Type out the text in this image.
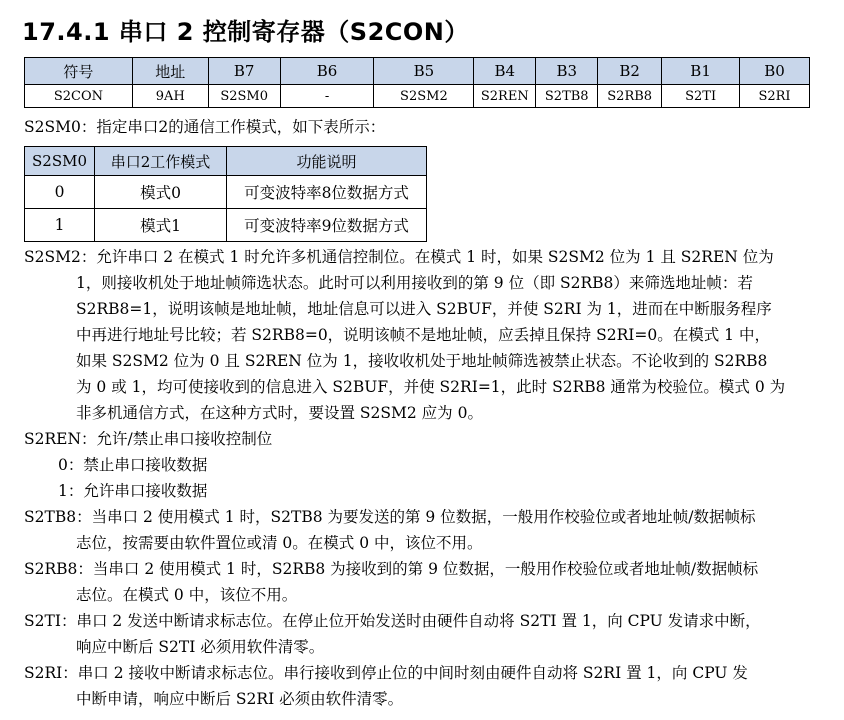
17.4.1 串口 2 控制寄存器（S2CON）
符号	地址	B7	B6	B5	B4	B3	B2	B1	B0
S2CON	9AH	S2SM0	-	S2SM2	S2REN	S2TB8	S2RB8	S2TI	S2RI
S2SM0：指定串口2的通信工作模式，如下表所示：
S2SM0	串口2工作模式	功能说明
0	模式0	可变波特率8位数据方式
1	模式1	可变波特率9位数据方式
S2SM2：允许串口 2 在模式 1 时允许多机通信控制位。在模式 1 时，如果 S2SM2 位为 1 且 S2REN 位为
1，则接收机处于地址帧筛选状态。此时可以利用接收到的第 9 位（即 S2RB8）来筛选地址帧：若
S2RB8=1，说明该帧是地址帧，地址信息可以进入 S2BUF，并使 S2RI 为 1，进而在中断服务程序
中再进行地址号比较；若 S2RB8=0，说明该帧不是地址帧，应丢掉且保持 S2RI=0。在模式 1 中，
如果 S2SM2 位为 0 且 S2REN 位为 1，接收收机处于地址帧筛选被禁止状态。不论收到的 S2RB8
为 0 或 1，均可使接收到的信息进入 S2BUF，并使 S2RI=1，此时 S2RB8 通常为校验位。模式 0 为
非多机通信方式，在这种方式时，要设置 S2SM2 应为 0。
S2REN：允许/禁止串口接收控制位
0：禁止串口接收数据
1：允许串口接收数据
S2TB8：当串口 2 使用模式 1 时，S2TB8 为要发送的第 9 位数据，一般用作校验位或者地址帧/数据帧标
志位，按需要由软件置位或清 0。在模式 0 中，该位不用。
S2RB8：当串口 2 使用模式 1 时，S2RB8 为接收到的第 9 位数据，一般用作校验位或者地址帧/数据帧标
志位。在模式 0 中，该位不用。
S2TI：串口 2 发送中断请求标志位。在停止位开始发送时由硬件自动将 S2TI 置 1，向 CPU 发请求中断，
响应中断后 S2TI 必须用软件清零。
S2RI：串口 2 接收中断请求标志位。串行接收到停止位的中间时刻由硬件自动将 S2RI 置 1，向 CPU 发
中断申请，响应中断后 S2RI 必须由软件清零。
